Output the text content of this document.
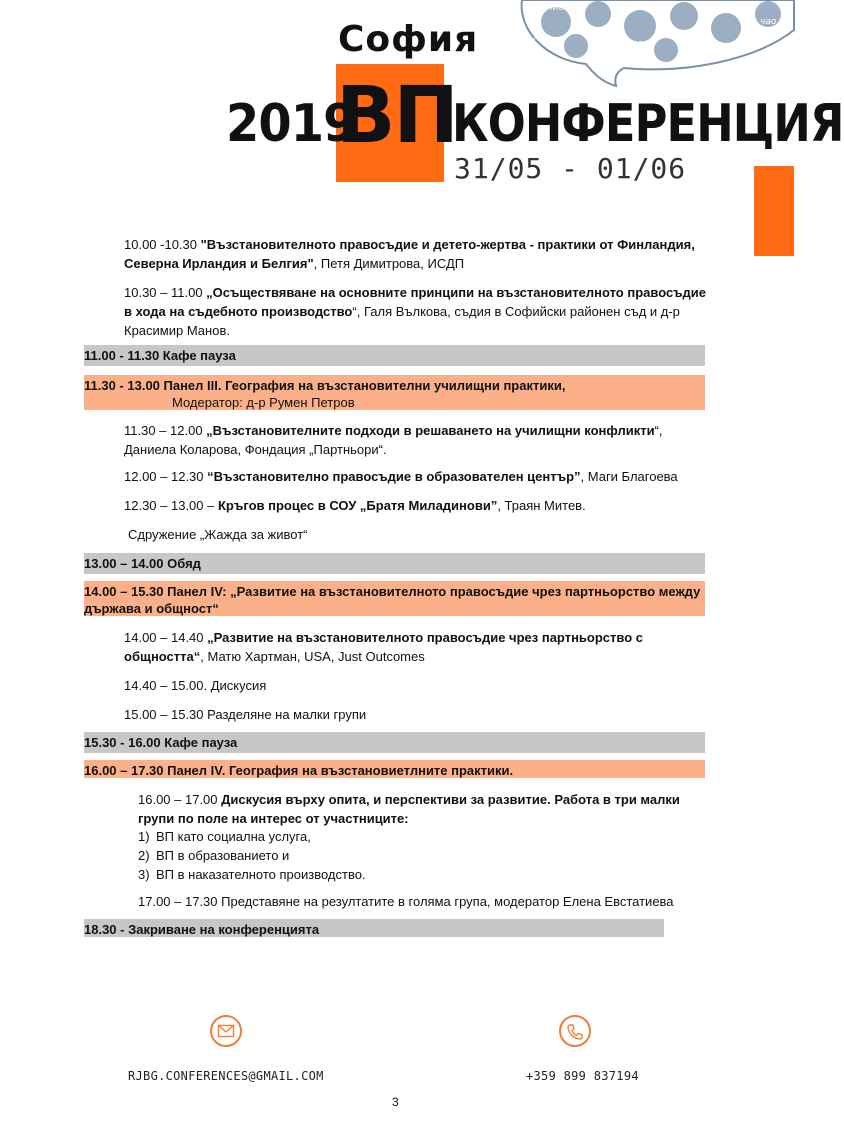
Ние
Аха
Добре
Браво
чао
Здравей
София
ВП
2019 КОНФЕРЕНЦИЯ
31/05 - 01/06
10.00 -10.30 "Възстановителното правосъдие и детето-жертва - практики от Финландия, Северна Ирландия и Белгия", Петя Димитрова, ИСДП
10.30 – 11.00 „Осъществяване на основните принципи на възстановителното правосъдие в хода на съдебното производство“, Галя Вълкова, съдия в Софийски районен съд и д-р Красимир Манов.
11.00 - 11.30 Кафе пауза
11.30 - 13.00 Панел III. География на възстановителни училищни практики,
Модератор: д-р Румен Петров
11.30 – 12.00 „Възстановителните подходи в решаването на училищни конфликти“, Даниела Коларова, Фондация „Партньори“.
12.00 – 12.30 “Възстановително правосъдие в образователен център”, Маги Благоева
12.30 – 13.00 – Кръгов процес в СОУ „Братя Миладинови”, Траян Митев.
Сдружение „Жажда за живот“
13.00 – 14.00 Обяд
14.00 – 15.30 Панел IV: „Развитие на възстановителното правосъдие чрез партньорство между държава и общност“
14.00 – 14.40 „Развитие на възстановителното правосъдие чрез партньорство с общността“, Матю Хартман, USA, Just Outcomes
14.40 – 15.00. Дискусия
15.00 – 15.30 Разделяне на малки групи
15.30 - 16.00 Кафе пауза
16.00 – 17.30 Панел IV. География на възстановиетлните практики.
16.00 – 17.00 Дискусия върху опита, и перспективи за развитие. Работа в три малки групи по поле на интерес от участниците:
1) ВП като социална услуга,
2) ВП в образованието и
3) ВП в наказателното производство.
17.00 – 17.30 Представяне на резултатите в голяма група, модератор Елена Евстатиева
18.30 - Закриване на конференцията
RJBG.CONFERENCES@GMAIL.COM	+359 899 837194
3
